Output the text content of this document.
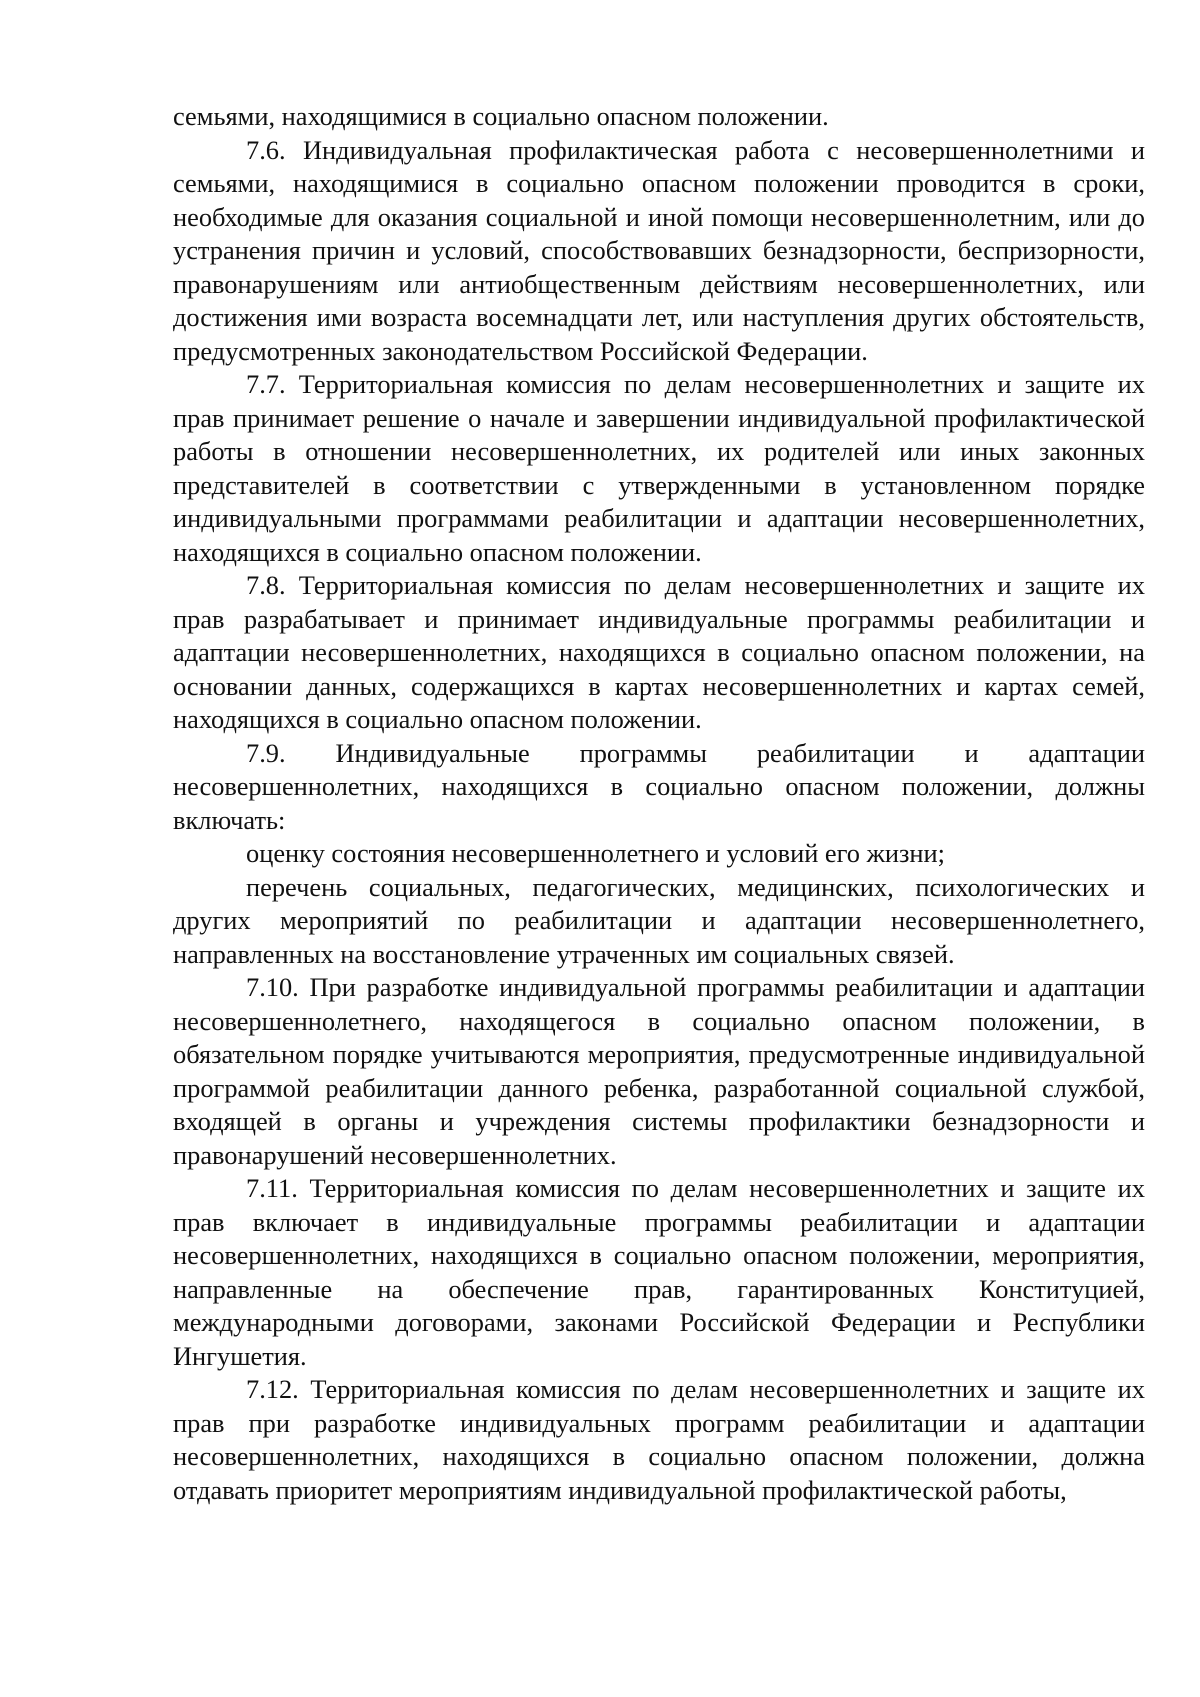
семьями, находящимися в социально опасном положении.

7.6. Индивидуальная профилактическая работа с несовершеннолетними и семьями, находящимися в социально опасном положении проводится в сроки, необходимые для оказания социальной и иной помощи несовершеннолетним, или до устранения причин и условий, способствовавших безнадзорности, беспризорности, правонарушениям или антиобщественным действиям несовершеннолетних, или достижения ими возраста восемнадцати лет, или наступления других обстоятельств, предусмотренных законодательством Российской Федерации.

7.7. Территориальная комиссия по делам несовершеннолетних и защите их прав принимает решение о начале и завершении индивидуальной профилактической работы в отношении несовершеннолетних, их родителей или иных законных представителей в соответствии с утвержденными в установленном порядке индивидуальными программами реабилитации и адаптации несовершеннолетних, находящихся в социально опасном положении.

7.8. Территориальная комиссия по делам несовершеннолетних и защите их прав разрабатывает и принимает индивидуальные программы реабилитации и адаптации несовершеннолетних, находящихся в социально опасном положении, на основании данных, содержащихся в картах несовершеннолетних и картах семей, находящихся в социально опасном положении.

7.9. Индивидуальные программы реабилитации и адаптации несовершеннолетних, находящихся в социально опасном положении, должны включать:

оценку состояния несовершеннолетнего и условий его жизни;

перечень социальных, педагогических, медицинских, психологических и других мероприятий по реабилитации и адаптации несовершеннолетнего, направленных на восстановление утраченных им социальных связей.

7.10. При разработке индивидуальной программы реабилитации и адаптации несовершеннолетнего, находящегося в социально опасном положении, в обязательном порядке учитываются мероприятия, предусмотренные индивидуальной программой реабилитации данного ребенка, разработанной социальной службой, входящей в органы и учреждения системы профилактики безнадзорности и правонарушений несовершеннолетних.

7.11. Территориальная комиссия по делам несовершеннолетних и защите их прав включает в индивидуальные программы реабилитации и адаптации несовершеннолетних, находящихся в социально опасном положении, мероприятия, направленные на обеспечение прав, гарантированных Конституцией, международными договорами, законами Российской Федерации и Республики Ингушетия.

7.12. Территориальная комиссия по делам несовершеннолетних и защите их прав при разработке индивидуальных программ реабилитации и адаптации несовершеннолетних, находящихся в социально опасном положении, должна отдавать приоритет мероприятиям индивидуальной профилактической работы,
